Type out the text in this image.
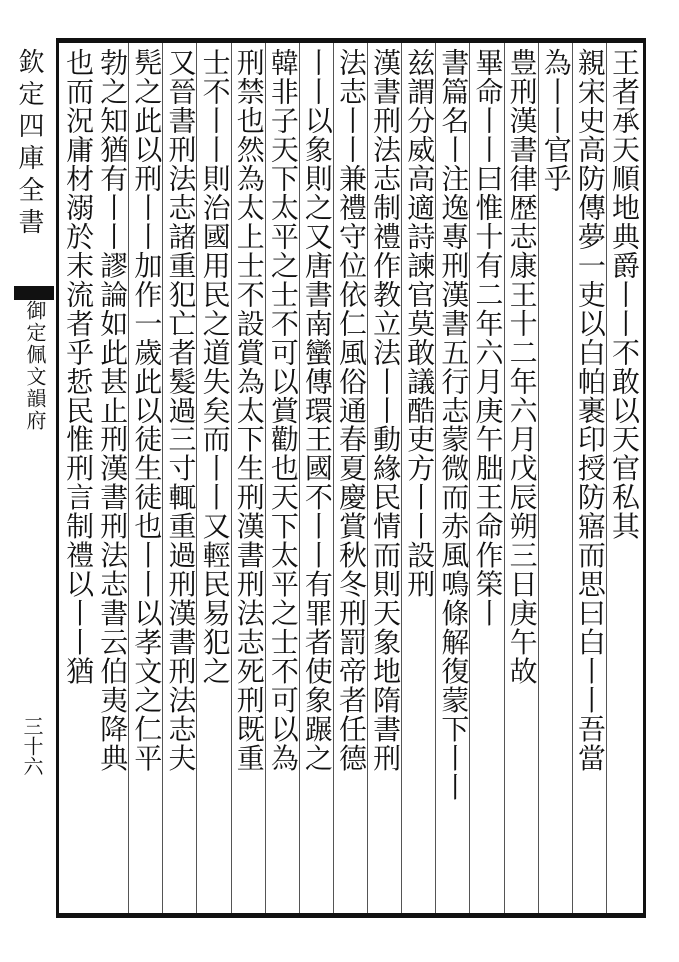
欽定四庫全書
御定佩文韻府
三十六
王者承天順地典爵丨丨不敢以天官私其
親宋史高防傳夢一吏以白帕裹印授防寤而思曰白丨丨吾當
為丨丨官乎
豊刑漢書律歴志康王十二年六月戊辰朔三日庚午故
畢命丨丨曰惟十有二年六月庚午朏王命作筞丨
書篇名丨注逸專刑漢書五行志蒙微而赤風鳴條解復蒙下丨丨
兹謂分威高適詩諫官莫敢議酷吏方丨丨設刑
漢書刑法志制禮作教立法丨丨動緣民情而則天象地隋書刑
法志丨丨兼禮守位依仁風俗通春夏慶賞秋冬刑罰帝者任德
丨丨以象則之又唐書南蠻傳環王國不丨丨有罪者使象蹍之
韓非子天下太平之士不可以賞勸也天下太平之士不可以為
刑禁也然為太上士不設賞為太下生刑漢書刑法志死刑既重
士不丨丨則治國用民之道失矣而丨丨又輕民易犯之
又晉書刑法志諸重犯亡者髮過三寸輒重過刑漢書刑法志夫
髡之此以刑丨丨加作一歲此以徒生徒也丨丨以孝文之仁平
勃之知猶有丨丨謬論如此甚止刑漢書刑法志書云伯夷降典
也而況庸材溺於末流者乎悊民惟刑言制禮以丨丨猶
